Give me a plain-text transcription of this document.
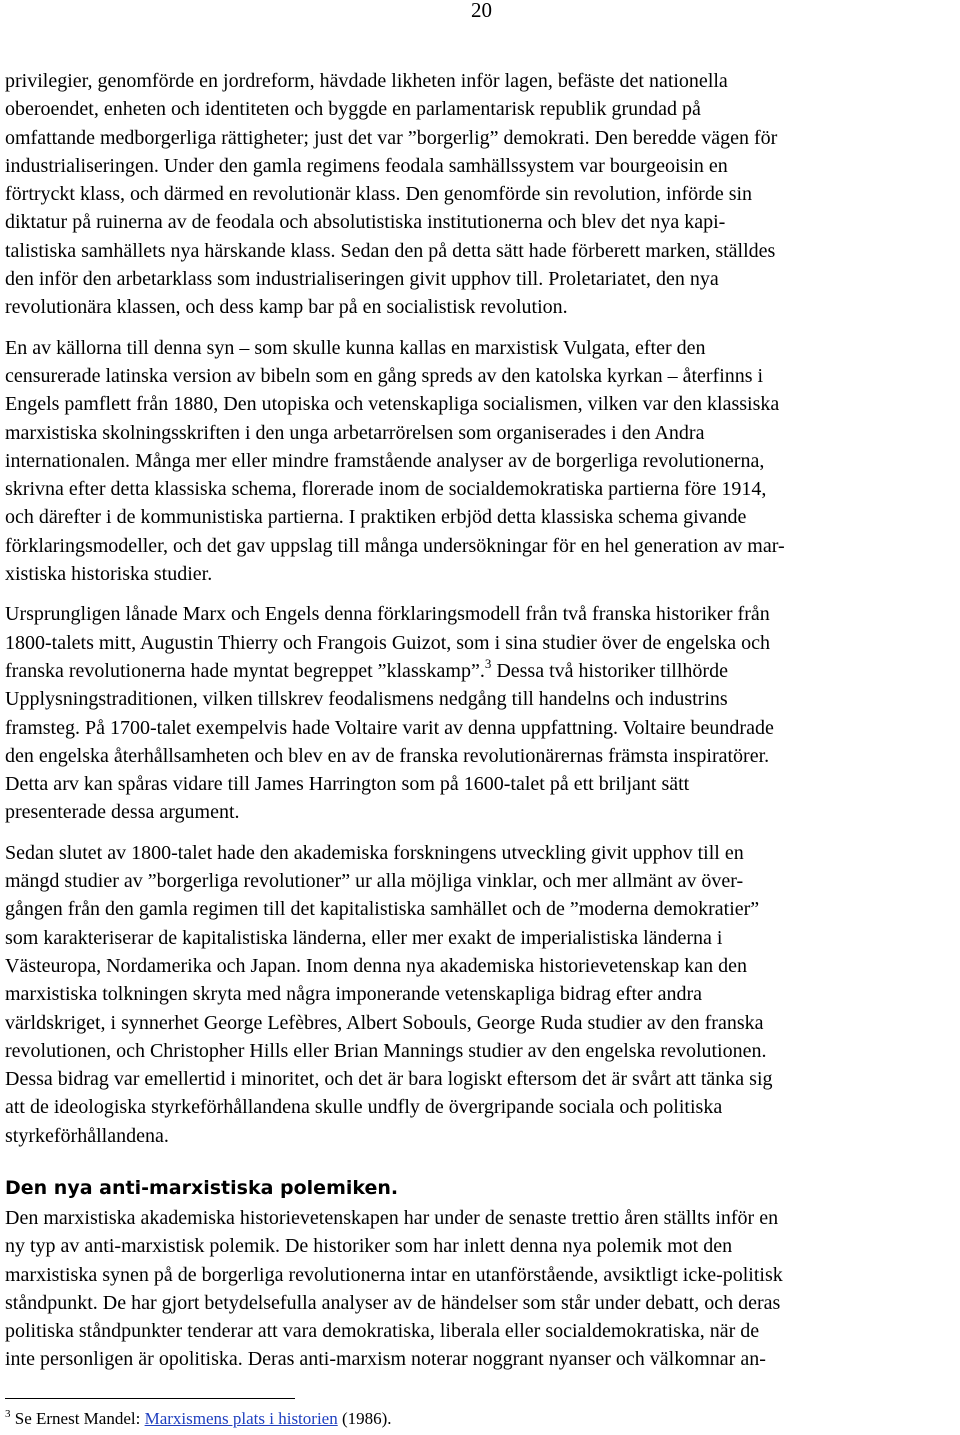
20

privilegier, genomförde en jordreform, hävdade likheten inför lagen, befäste det nationella
oberoendet, enheten och identiteten och byggde en parlamentarisk republik grundad på
omfattande medborgerliga rättigheter; just det var ”borgerlig” demokrati. Den beredde vägen för
industrialiseringen. Under den gamla regimens feodala samhällssystem var bourgeoisin en
förtryckt klass, och därmed en revolutionär klass. Den genomförde sin revolution, införde sin
diktatur på ruinerna av de feodala och absolutistiska institutionerna och blev det nya kapi-
talistiska samhällets nya härskande klass. Sedan den på detta sätt hade förberett marken, ställdes
den inför den arbetarklass som industrialiseringen givit upphov till. Proletariatet, den nya
revolutionära klassen, och dess kamp bar på en socialistisk revolution.

En av källorna till denna syn – som skulle kunna kallas en marxistisk Vulgata, efter den
censurerade latinska version av bibeln som en gång spreds av den katolska kyrkan – återfinns i
Engels pamflett från 1880, Den utopiska och vetenskapliga socialismen, vilken var den klassiska
marxistiska skolningsskriften i den unga arbetarrörelsen som organiserades i den Andra
internationalen. Många mer eller mindre framstående analyser av de borgerliga revolutionerna,
skrivna efter detta klassiska schema, florerade inom de socialdemokratiska partierna före 1914,
och därefter i de kommunistiska partierna. I praktiken erbjöd detta klassiska schema givande
förklaringsmodeller, och det gav uppslag till många undersökningar för en hel generation av mar-
xistiska historiska studier.

Ursprungligen lånade Marx och Engels denna förklaringsmodell från två franska historiker från
1800-talets mitt, Augustin Thierry och Frangois Guizot, som i sina studier över de engelska och
franska revolutionerna hade myntat begreppet ”klasskamp”.$^3$ Dessa två historiker tillhörde
Upplysningstraditionen, vilken tillskrev feodalismens nedgång till handelns och industrins
framsteg. På 1700-talet exempelvis hade Voltaire varit av denna uppfattning. Voltaire beundrade
den engelska återhållsamheten och blev en av de franska revolutionärernas främsta inspiratörer.
Detta arv kan spåras vidare till James Harrington som på 1600-talet på ett briljant sätt
presenterade dessa argument.

Sedan slutet av 1800-talet hade den akademiska forskningens utveckling givit upphov till en
mängd studier av ”borgerliga revolutioner” ur alla möjliga vinklar, och mer allmänt av över-
gången från den gamla regimen till det kapitalistiska samhället och de ”moderna demokratier”
som karakteriserar de kapitalistiska länderna, eller mer exakt de imperialistiska länderna i
Västeuropa, Nordamerika och Japan. Inom denna nya akademiska historievetenskap kan den
marxistiska tolkningen skryta med några imponerande vetenskapliga bidrag efter andra
världskriget, i synnerhet George Lefèbres, Albert Sobouls, George Ruda studier av den franska
revolutionen, och Christopher Hills eller Brian Mannings studier av den engelska revolutionen.
Dessa bidrag var emellertid i minoritet, och det är bara logiskt eftersom det är svårt att tänka sig
att de ideologiska styrkeförhållandena skulle undfly de övergripande sociala och politiska
styrkeförhållandena.

Den nya anti-marxistiska polemiken.

Den marxistiska akademiska historievetenskapen har under de senaste trettio åren ställts inför en
ny typ av anti-marxistisk polemik. De historiker som har inlett denna nya polemik mot den
marxistiska synen på de borgerliga revolutionerna intar en utanförstående, avsiktligt icke-politisk
ståndpunkt. De har gjort betydelsefulla analyser av de händelser som står under debatt, och deras
politiska ståndpunkter tenderar att vara demokratiska, liberala eller socialdemokratiska, när de
inte personligen är opolitiska. Deras anti-marxism noterar noggrant nyanser och välkomnar an-

$^3$ Se Ernest Mandel: Marxismens plats i historien (1986).
